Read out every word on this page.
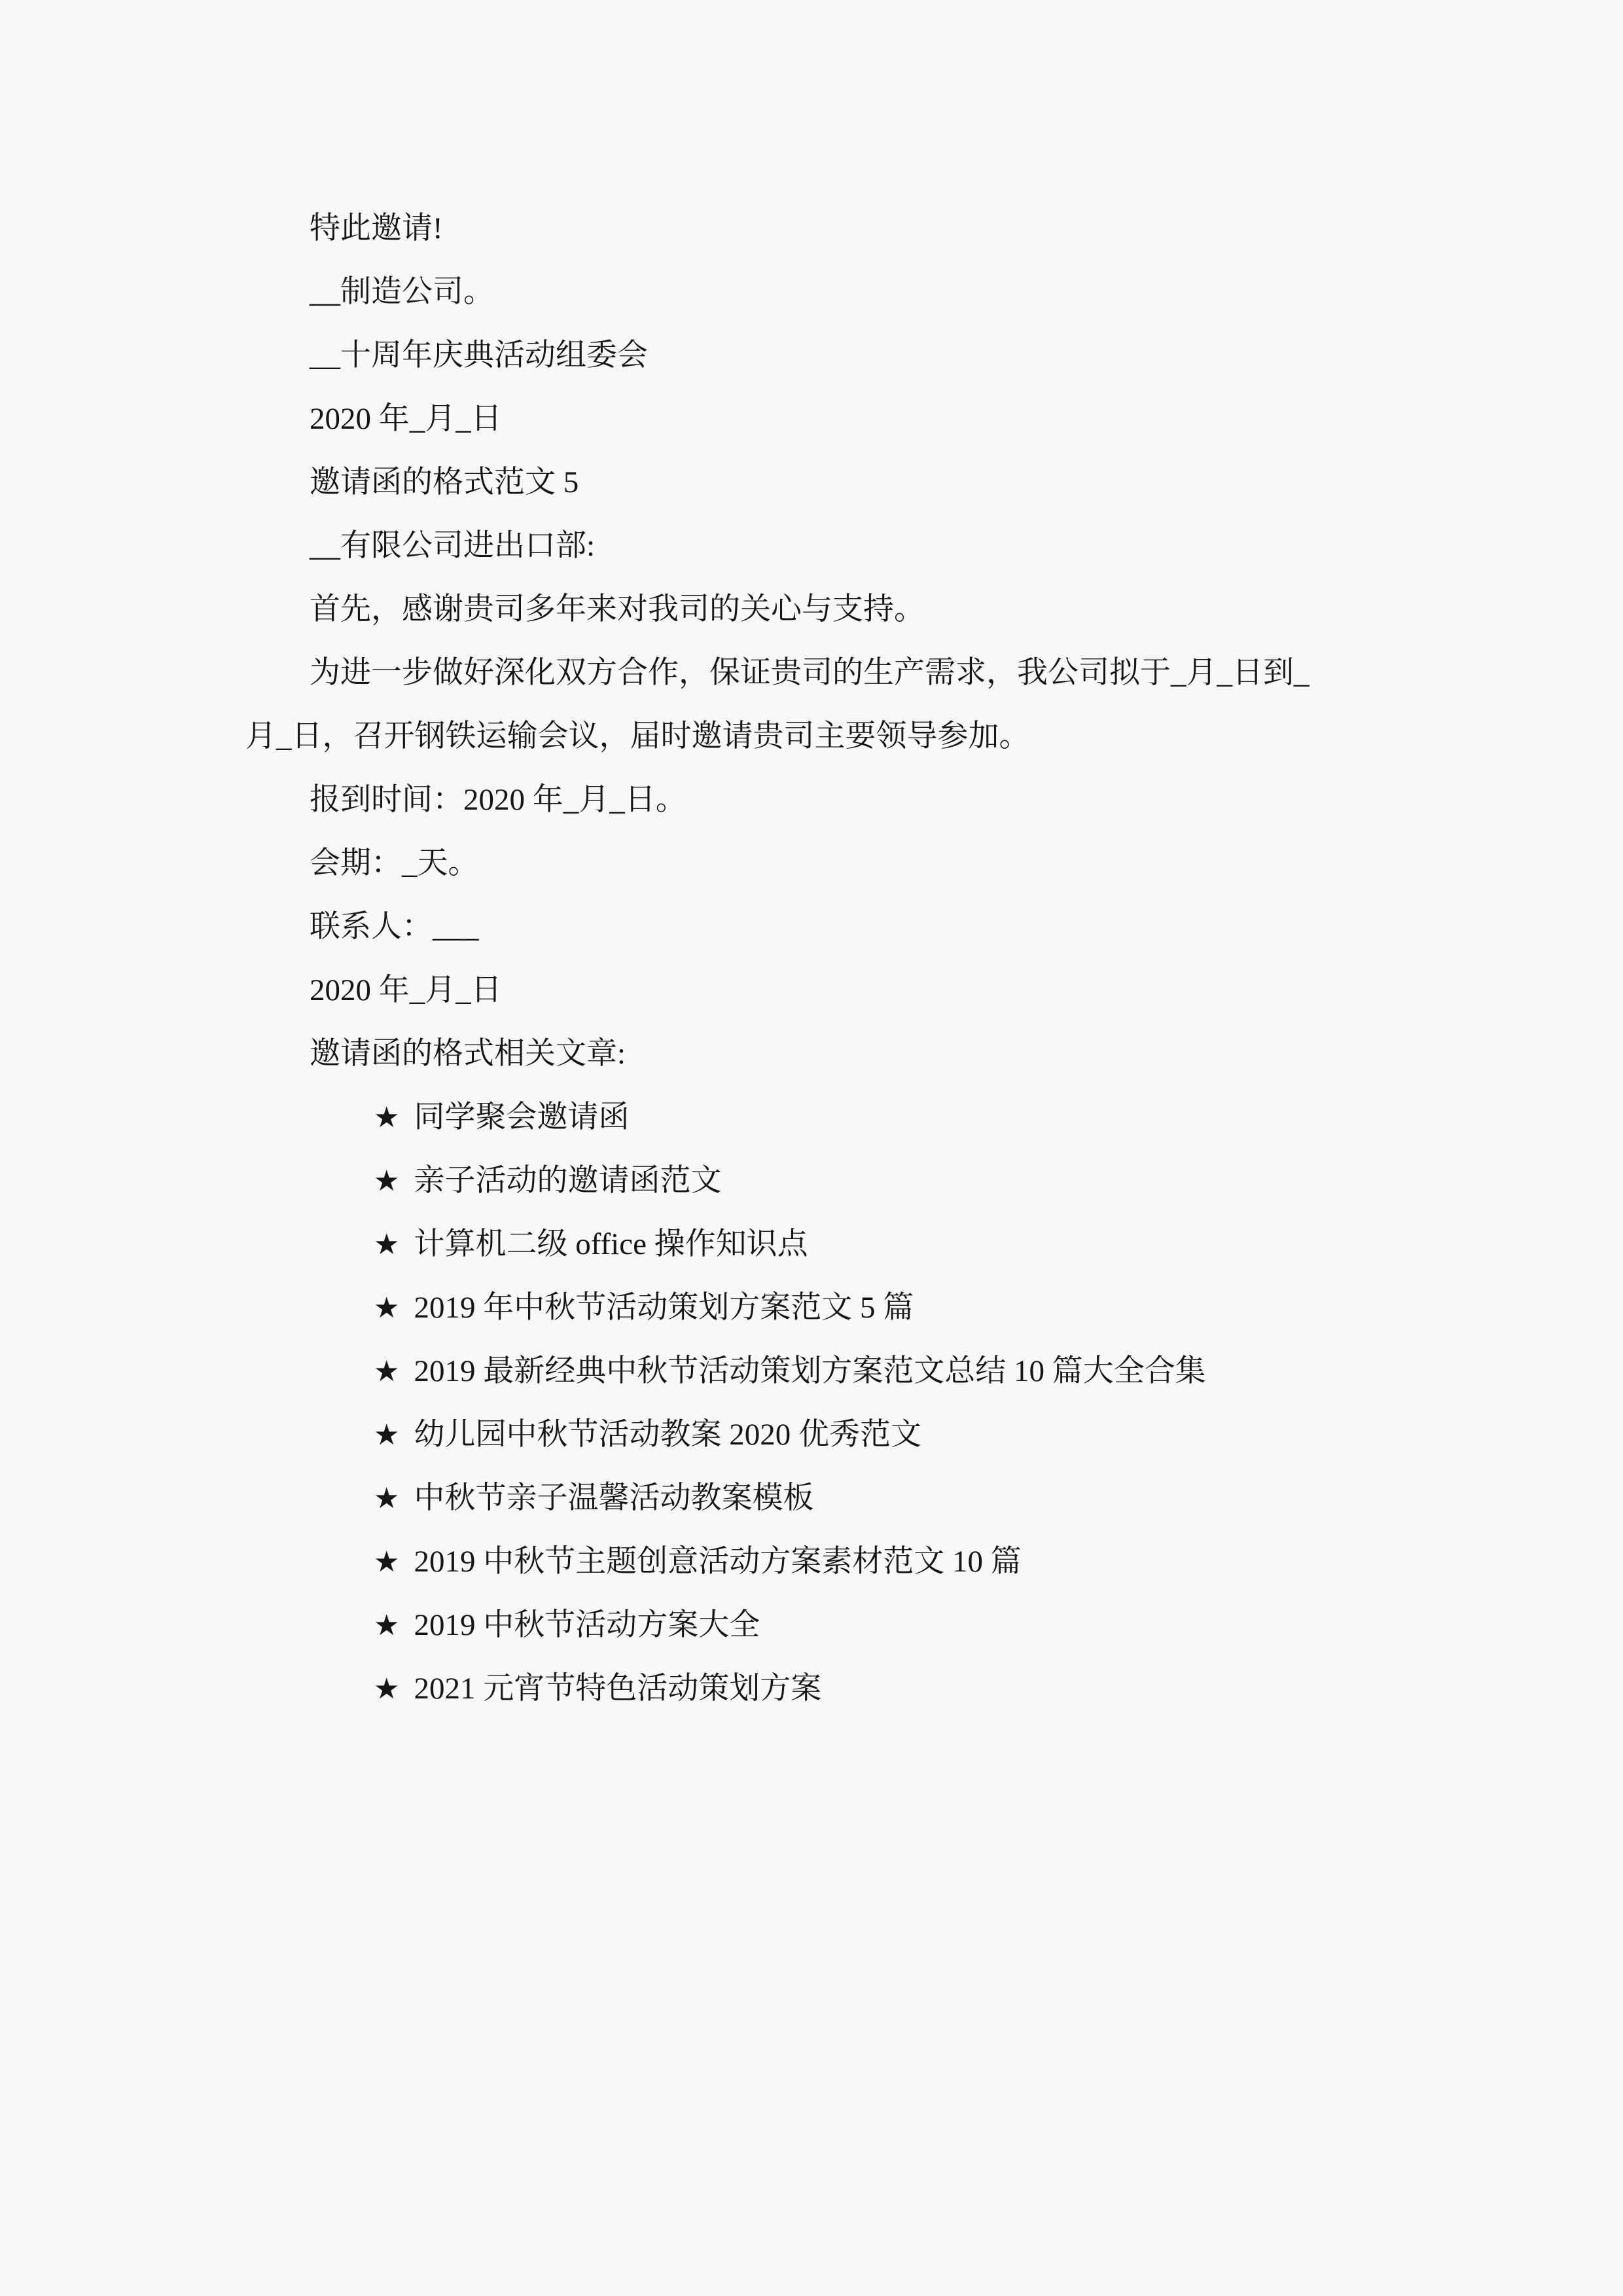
特此邀请!

__制造公司。

__十周年庆典活动组委会

2020 年_月_日

邀请函的格式范文 5

__有限公司进出口部:

首先，感谢贵司多年来对我司的关心与支持。

为进一步做好深化双方合作，保证贵司的生产需求，我公司拟于_月_日到_

月_日，召开钢铁运输会议，届时邀请贵司主要领导参加。

报到时间：2020 年_月_日。

会期：_天。

联系人：___

2020 年_月_日

邀请函的格式相关文章:

★ 同学聚会邀请函

★ 亲子活动的邀请函范文

★ 计算机二级 office 操作知识点

★ 2019 年中秋节活动策划方案范文 5 篇

★ 2019 最新经典中秋节活动策划方案范文总结 10 篇大全合集

★ 幼儿园中秋节活动教案 2020 优秀范文

★ 中秋节亲子温馨活动教案模板

★ 2019 中秋节主题创意活动方案素材范文 10 篇

★ 2019 中秋节活动方案大全

★ 2021 元宵节特色活动策划方案
